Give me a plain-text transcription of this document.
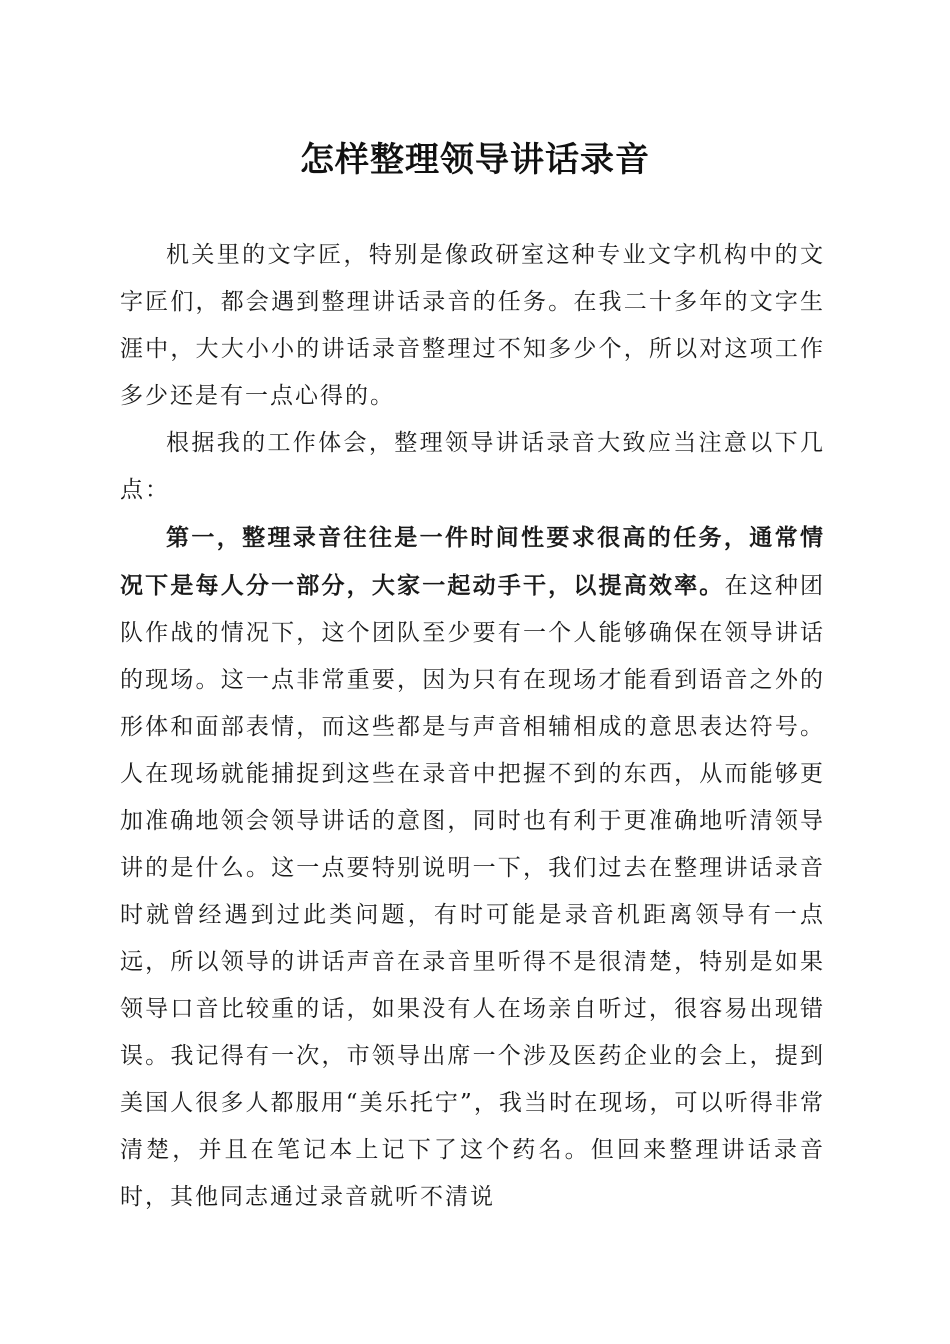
怎样整理领导讲话录音

机关里的文字匠，特别是像政研室这种专业文字机构中的文字匠们，都会遇到整理讲话录音的任务。在我二十多年的文字生涯中，大大小小的讲话录音整理过不知多少个，所以对这项工作多少还是有一点心得的。

根据我的工作体会，整理领导讲话录音大致应当注意以下几点：

第一，整理录音往往是一件时间性要求很高的任务，通常情况下是每人分一部分，大家一起动手干，以提高效率。在这种团队作战的情况下，这个团队至少要有一个人能够确保在领导讲话的现场。这一点非常重要，因为只有在现场才能看到语音之外的形体和面部表情，而这些都是与声音相辅相成的意思表达符号。人在现场就能捕捉到这些在录音中把握不到的东西，从而能够更加准确地领会领导讲话的意图，同时也有利于更准确地听清领导讲的是什么。这一点要特别说明一下，我们过去在整理讲话录音时就曾经遇到过此类问题，有时可能是录音机距离领导有一点远，所以领导的讲话声音在录音里听得不是很清楚，特别是如果领导口音比较重的话，如果没有人在场亲自听过，很容易出现错误。我记得有一次，市领导出席一个涉及医药企业的会上，提到美国人很多人都服用“美乐托宁”，我当时在现场，可以听得非常清楚，并且在笔记本上记下了这个药名。但回来整理讲话录音时，其他同志通过录音就听不清说
